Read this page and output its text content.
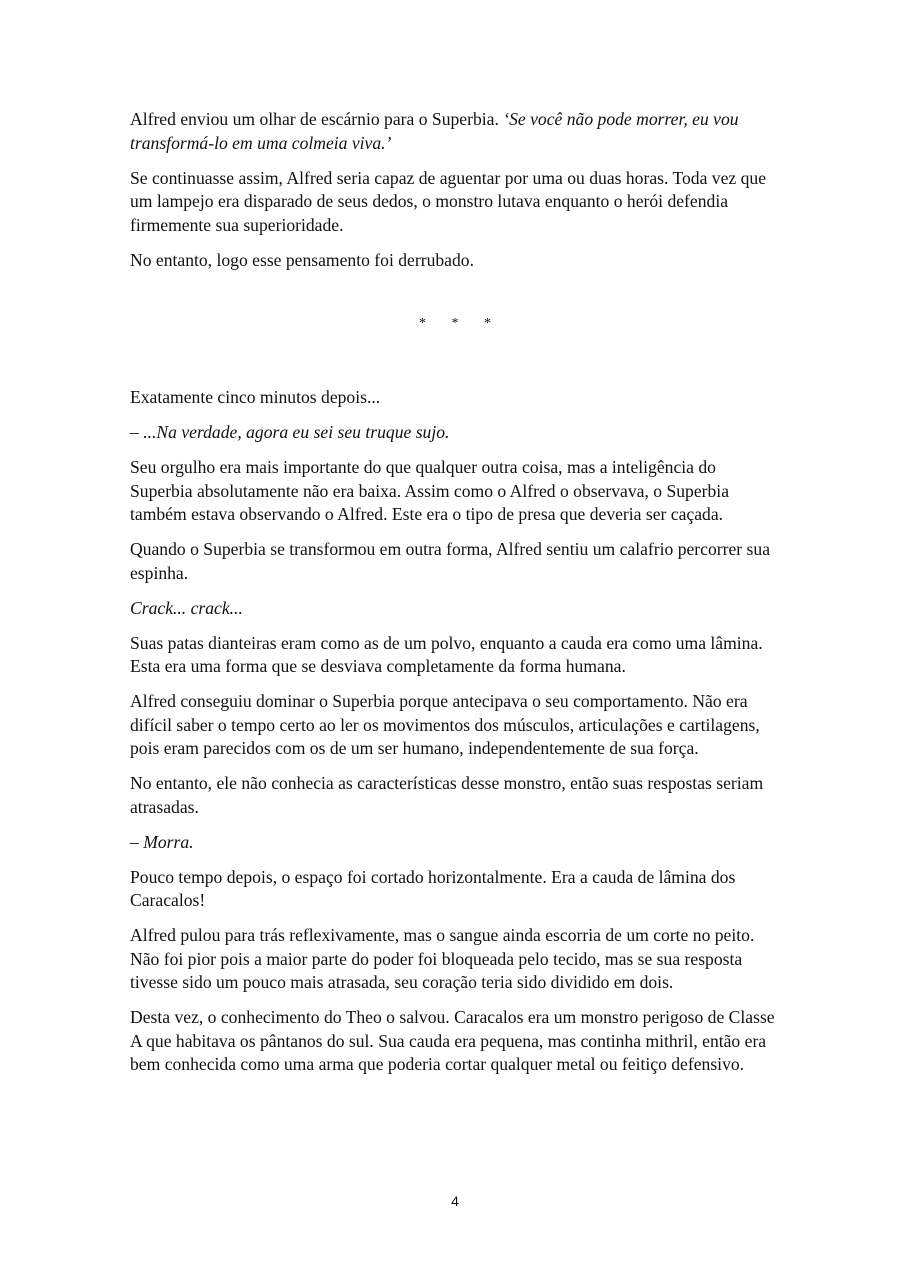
Alfred enviou um olhar de escárnio para o Superbia. ‘Se você não pode morrer, eu vou transformá-lo em uma colmeia viva.’

Se continuasse assim, Alfred seria capaz de aguentar por uma ou duas horas. Toda vez que um lampejo era disparado de seus dedos, o monstro lutava enquanto o herói defendia firmemente sua superioridade.

No entanto, logo esse pensamento foi derrubado.

* * *

Exatamente cinco minutos depois...

– ...Na verdade, agora eu sei seu truque sujo.

Seu orgulho era mais importante do que qualquer outra coisa, mas a inteligência do Superbia absolutamente não era baixa. Assim como o Alfred o observava, o Superbia também estava observando o Alfred. Este era o tipo de presa que deveria ser caçada.

Quando o Superbia se transformou em outra forma, Alfred sentiu um calafrio percorrer sua espinha.

Crack... crack...

Suas patas dianteiras eram como as de um polvo, enquanto a cauda era como uma lâmina. Esta era uma forma que se desviava completamente da forma humana.

Alfred conseguiu dominar o Superbia porque antecipava o seu comportamento. Não era difícil saber o tempo certo ao ler os movimentos dos músculos, articulações e cartilagens, pois eram parecidos com os de um ser humano, independentemente de sua força.

No entanto, ele não conhecia as características desse monstro, então suas respostas seriam atrasadas.

– Morra.

Pouco tempo depois, o espaço foi cortado horizontalmente. Era a cauda de lâmina dos Caracalos!

Alfred pulou para trás reflexivamente, mas o sangue ainda escorria de um corte no peito. Não foi pior pois a maior parte do poder foi bloqueada pelo tecido, mas se sua resposta tivesse sido um pouco mais atrasada, seu coração teria sido dividido em dois.

Desta vez, o conhecimento do Theo o salvou. Caracalos era um monstro perigoso de Classe A que habitava os pântanos do sul. Sua cauda era pequena, mas continha mithril, então era bem conhecida como uma arma que poderia cortar qualquer metal ou feitiço defensivo.

4
